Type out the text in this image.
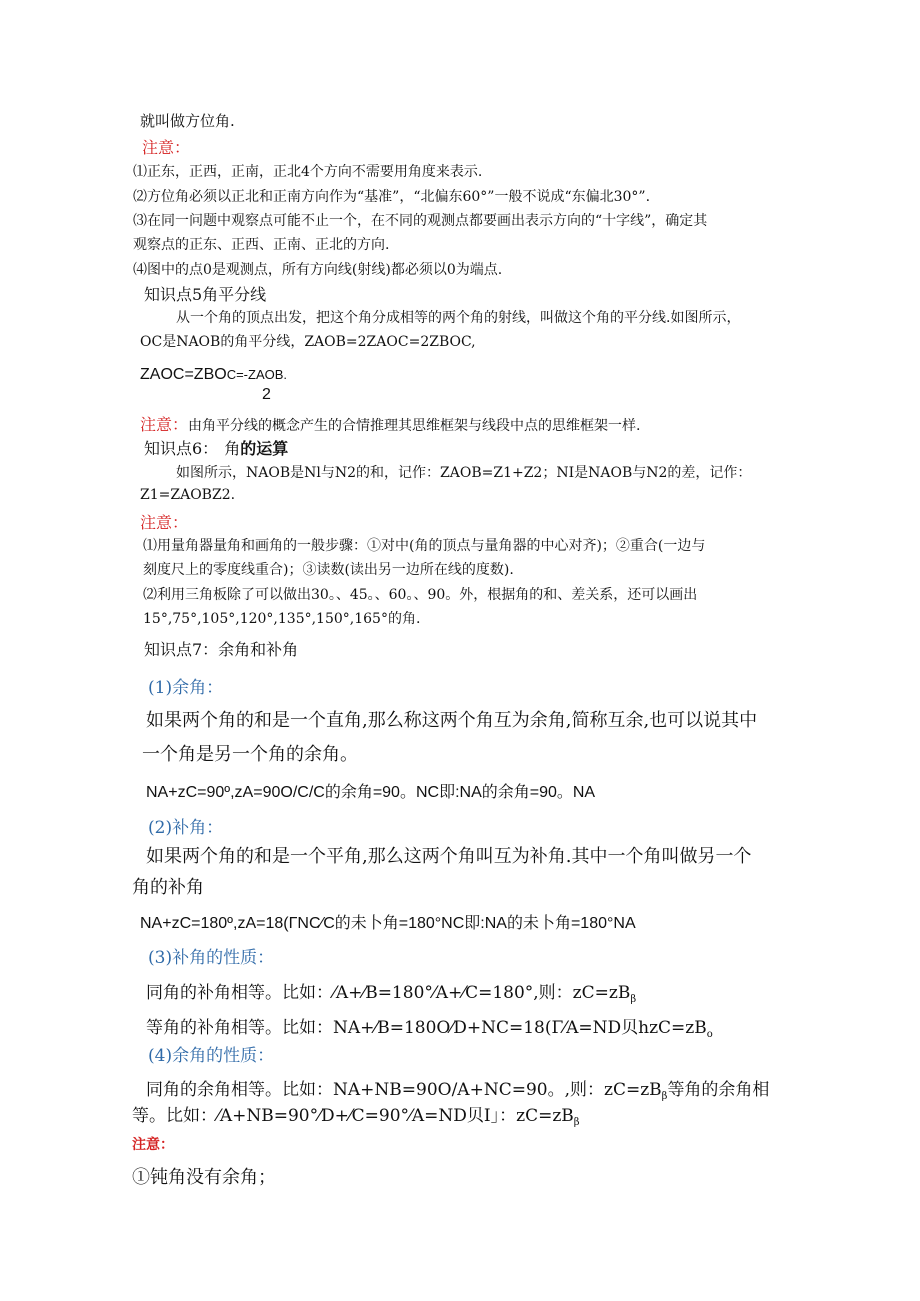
就叫做方位角.
注意：
⑴正东，正西，正南，正北4个方向不需要用角度来表示.
⑵方位角必须以正北和正南方向作为“基准”，“北偏东60°”一般不说成“东偏北30°”.
⑶在同一问题中观察点可能不止一个，在不同的观测点都要画出表示方向的“十字线”，确定其
观察点的正东、正西、正南、正北的方向.
⑷图中的点0是观测点，所有方向线(射线)都必须以0为端点.
知识点5角平分线
从一个角的顶点出发，把这个角分成相等的两个角的射线，叫做这个角的平分线.如图所示，
OC是NAOB的角平分线，ZAOB=2ZAOC=2ZBOC,
ZAOC=ZBOC=-ZAOB.
2
注意：由角平分线的概念产生的合情推理其思维框架与线段中点的思维框架一样.
知识点6： 角的运算
如图所示，NAOB是Nl与N2的和，记作：ZAOB=Z1+Z2；NI是NAOB与N2的差，记作：
Z1=ZAOBZ2.
注意：
⑴用量角器量角和画角的一般步骤：①对中(角的顶点与量角器的中心对齐)；②重合(一边与
刻度尺上的零度线重合)；③读数(读出另一边所在线的度数).
⑵利用三角板除了可以做出30。、45。、60。、90。外，根据角的和、差关系，还可以画出
15°,75°,105°,120°,135°,150°,165°的角.
知识点7：余角和补角
(1)余角：
如果两个角的和是一个直角,那么称这两个角互为余角,简称互余,也可以说其中
一个角是另一个角的余角。
NA+zC=90º,zA=90O/C/C的余角=90。NC即:NA的余角=90。NA
(2)补角：
如果两个角的和是一个平角,那么这两个角叫互为补角.其中一个角叫做另一个
角的补角
NA+zC=180º,zA=18(ΓNC⁄C的未卜角=180°NC即:NA的未卜角=180°NA
(3)补角的性质：
同角的补角相等。比如：⁄A+⁄B=180°⁄A+⁄C=180°,则：$zC=zB_\beta$
等角的补角相等。比如：NA+⁄B=180O⁄D+NC=18(Γ⁄A=ND贝$hzC=zB_o$
(4)余角的性质：
同角的余角相等。比如：NA+NB=90O/A+NC=90。,则：$zC=zB_\beta$等角的余角相
等。比如：⁄A+NB=90°⁄D+⁄C=90°⁄A=ND贝I」：$zC=zB_\beta$
注意：
①钝角没有余角；
